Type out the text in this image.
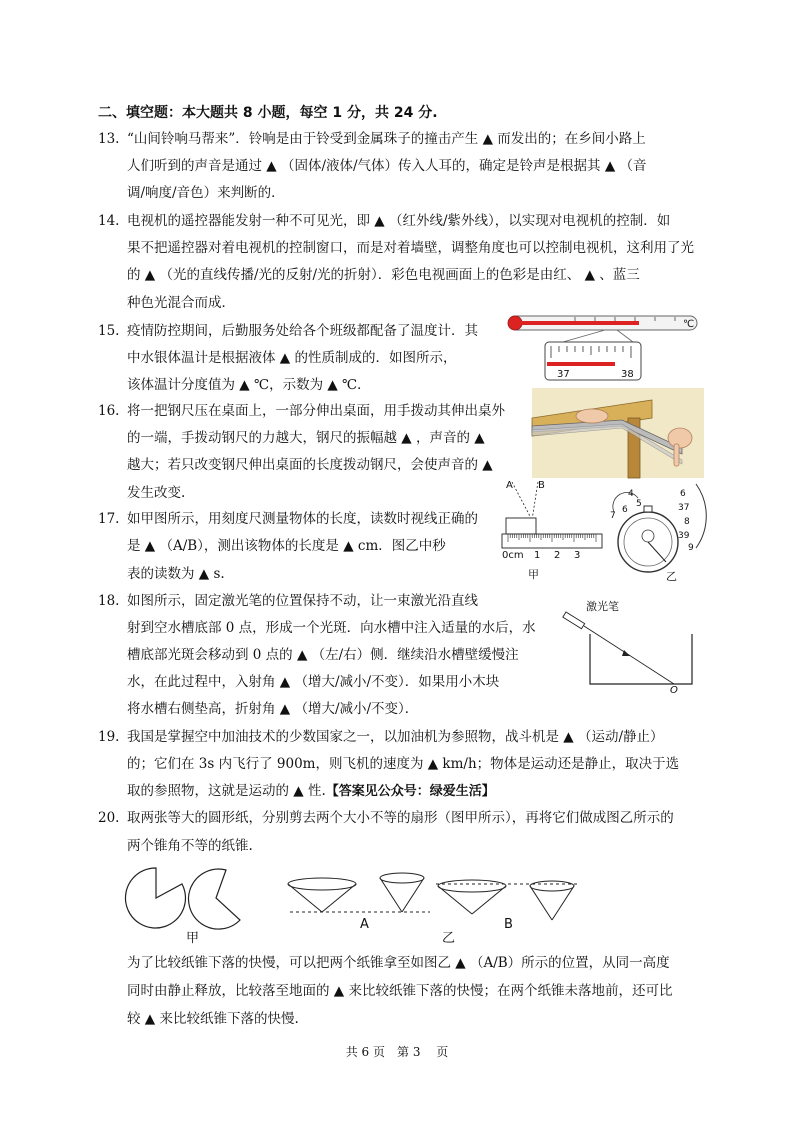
二、填空题：本大题共 8 小题，每空 1 分，共 24 分.
13. “山间铃响马帮来”．铃响是由于铃受到金属珠子的撞击产生 ▲ 而发出的；在乡间小路上
人们听到的声音是通过 ▲ （固体/液体/气体）传入人耳的，确定是铃声是根据其 ▲ （音
调/响度/音色）来判断的．
14. 电视机的遥控器能发射一种不可见光，即 ▲ （红外线/紫外线），以实现对电视机的控制．如
果不把遥控器对着电视机的控制窗口，而是对着墙壁，调整角度也可以控制电视机，这利用了光
的 ▲ （光的直线传播/光的反射/光的折射）．彩色电视画面上的色彩是由红、 ▲ 、蓝三
种色光混合而成．
15. 疫情防控期间，后勤服务处给各个班级都配备了温度计．其
中水银体温计是根据液体 ▲ 的性质制成的．如图所示，
该体温计分度值为 ▲ ℃，示数为 ▲ ℃．
℃
37	38
16. 将一把钢尺压在桌面上，一部分伸出桌面，用手拨动其伸出桌外
的一端，手拨动钢尺的力越大，钢尺的振幅越 ▲ ，声音的 ▲
越大；若只改变钢尺伸出桌面的长度拨动钢尺，会使声音的 ▲
发生改变.
17. 如甲图所示，用刻度尺测量物体的长度，读数时视线正确的
是 ▲ （A/B），测出该物体的长度是 ▲ cm．图乙中秒
表的读数为 ▲ s.
A	B
0cm 1 2 3
甲
4
5
6
7
6
37
8
39
9
乙
18. 如图所示，固定激光笔的位置保持不动，让一束激光沿直线
射到空水槽底部 0 点，形成一个光斑．向水槽中注入适量的水后，水
槽底部光斑会移动到 0 点的 ▲ （左/右）侧．继续沿水槽壁缓慢注
水，在此过程中，入射角 ▲ （增大/减小/不变）．如果用小木块
将水槽右侧垫高，折射角 ▲ （增大/减小/不变）．
激光笔
O
19. 我国是掌握空中加油技术的少数国家之一，以加油机为参照物，战斗机是 ▲ （运动/静止）
的；它们在 3s 内飞行了 900m，则飞机的速度为 ▲ km/h；物体是运动还是静止，取决于选
取的参照物，这就是运动的 ▲ 性.【答案见公众号：绿爱生活】
20. 取两张等大的圆形纸，分别剪去两个大小不等的扇形（图甲所示），再将它们做成图乙所示的
两个锥角不等的纸锥.
甲
A
乙
B
为了比较纸锥下落的快慢，可以把两个纸锥拿至如图乙 ▲ （A/B）所示的位置，从同一高度
同时由静止释放，比较落至地面的 ▲ 来比较纸锥下落的快慢；在两个纸锥未落地前，还可比
较 ▲ 来比较纸锥下落的快慢.
共 6 页　第 3 　页
